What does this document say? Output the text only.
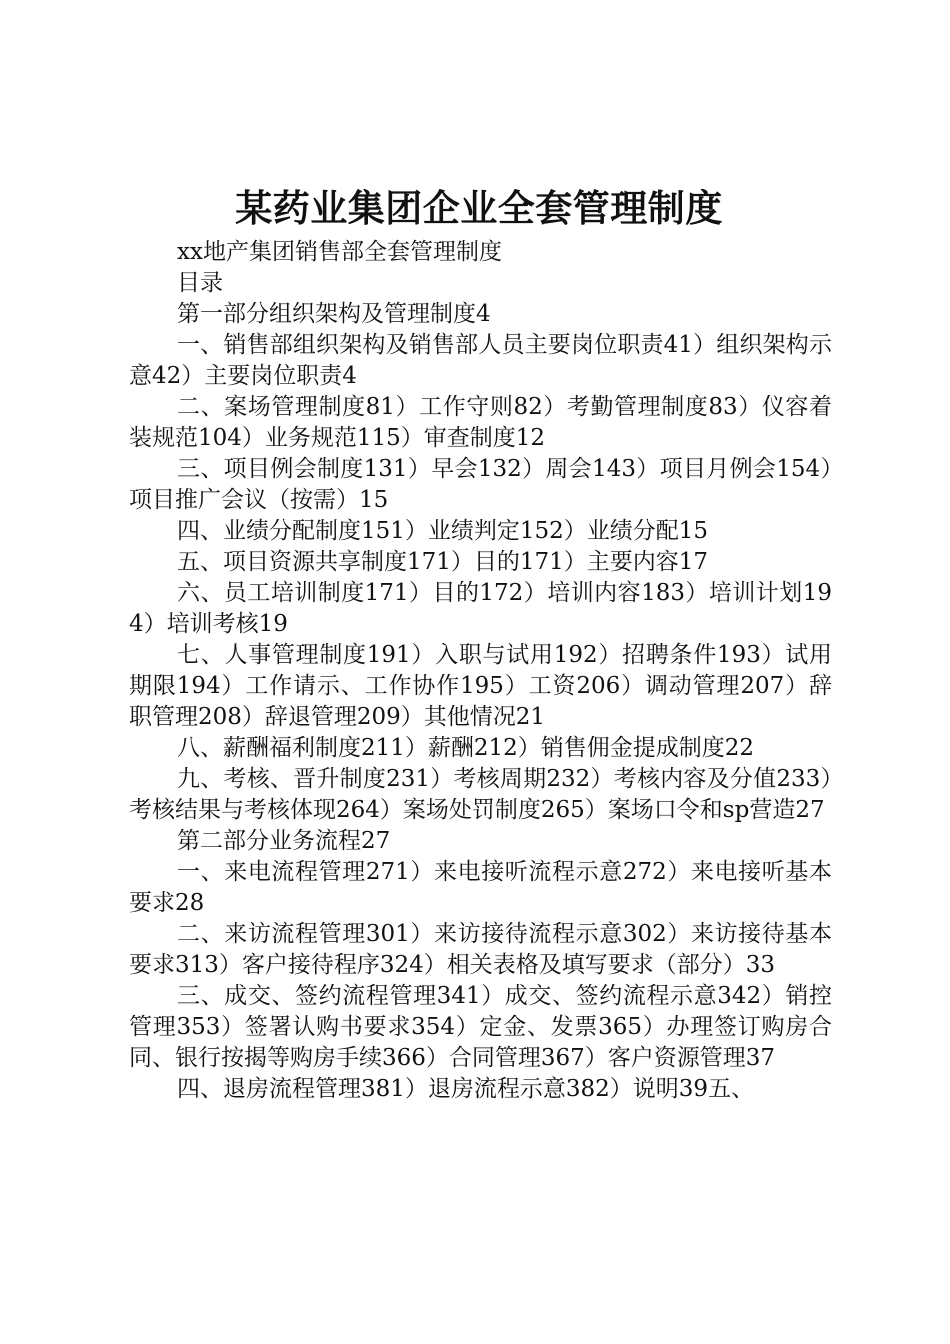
某药业集团企业全套管理制度

xx地产集团销售部全套管理制度

目录

第一部分组织架构及管理制度4

一、销售部组织架构及销售部人员主要岗位职责41）组织架构示意42）主要岗位职责4

二、案场管理制度81）工作守则82）考勤管理制度83）仪容着装规范104）业务规范115）审查制度12

三、项目例会制度131）早会132）周会143）项目月例会154）项目推广会议（按需）15

四、业绩分配制度151）业绩判定152）业绩分配15

五、项目资源共享制度171）目的171）主要内容17

六、员工培训制度171）目的172）培训内容183）培训计划194）培训考核19

七、人事管理制度191）入职与试用192）招聘条件193）试用期限194）工作请示、工作协作195）工资206）调动管理207）辞职管理208）辞退管理209）其他情况21

八、薪酬福利制度211）薪酬212）销售佣金提成制度22

九、考核、晋升制度231）考核周期232）考核内容及分值233）考核结果与考核体现264）案场处罚制度265）案场口令和sp营造27

第二部分业务流程27

一、来电流程管理271）来电接听流程示意272）来电接听基本要求28

二、来访流程管理301）来访接待流程示意302）来访接待基本要求313）客户接待程序324）相关表格及填写要求（部分）33

三、成交、签约流程管理341）成交、签约流程示意342）销控管理353）签署认购书要求354）定金、发票365）办理签订购房合同、银行按揭等购房手续366）合同管理367）客户资源管理37

四、退房流程管理381）退房流程示意382）说明39五、
